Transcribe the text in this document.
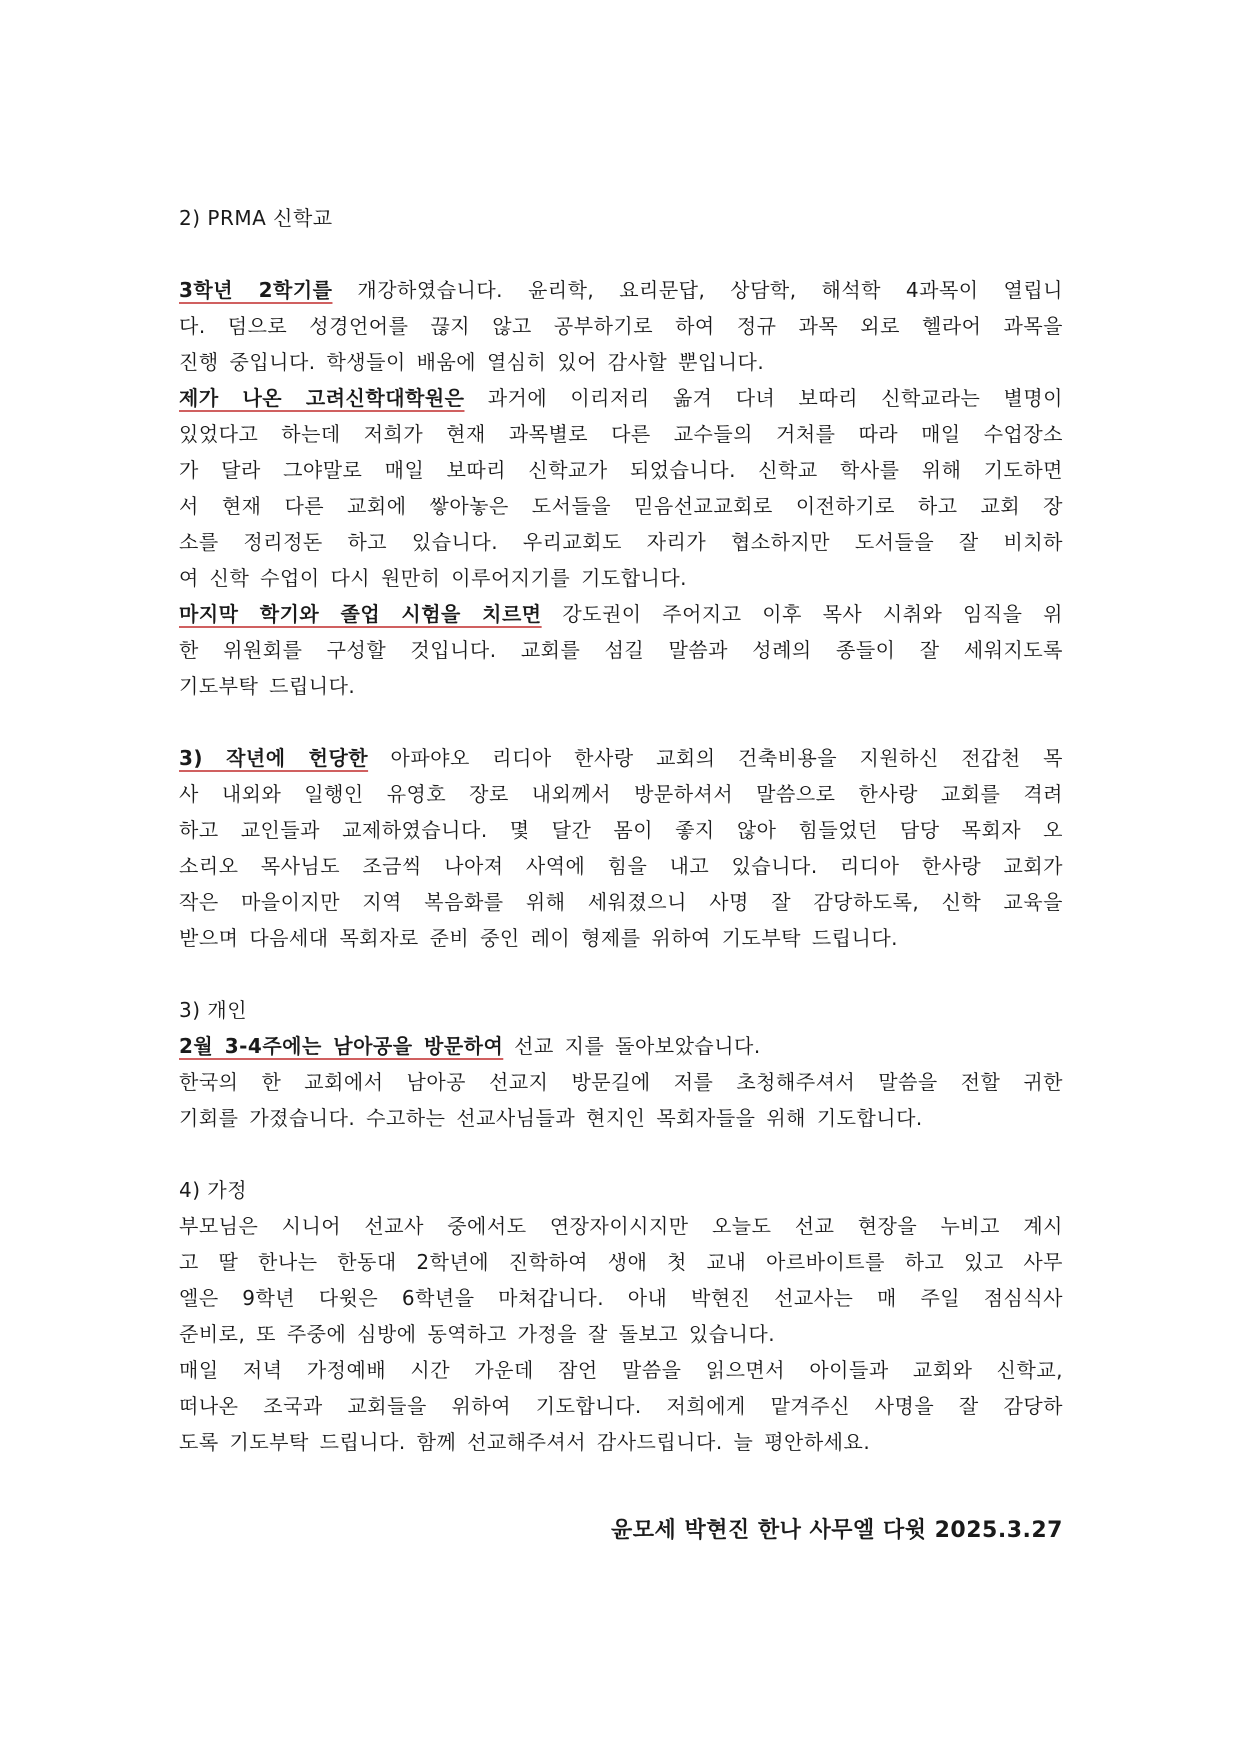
2) PRMA 신학교
3학년 2학기를 개강하였습니다. 윤리학, 요리문답, 상담학, 해석학 4과목이 열립니
다. 덤으로 성경언어를 끊지 않고 공부하기로 하여 정규 과목 외로 헬라어 과목을
진행 중입니다. 학생들이 배움에 열심히 있어 감사할 뿐입니다.
제가 나온 고려신학대학원은 과거에 이리저리 옮겨 다녀 보따리 신학교라는 별명이
있었다고 하는데 저희가 현재 과목별로 다른 교수들의 거처를 따라 매일 수업장소
가 달라 그야말로 매일 보따리 신학교가 되었습니다. 신학교 학사를 위해 기도하면
서 현재 다른 교회에 쌓아놓은 도서들을 믿음선교교회로 이전하기로 하고 교회 장
소를 정리정돈 하고 있습니다. 우리교회도 자리가 협소하지만 도서들을 잘 비치하
여 신학 수업이 다시 원만히 이루어지기를 기도합니다.
마지막 학기와 졸업 시험을 치르면 강도권이 주어지고 이후 목사 시취와 임직을 위
한 위원회를 구성할 것입니다. 교회를 섬길 말씀과 성례의 종들이 잘 세워지도록
기도부탁 드립니다.
3) 작년에 헌당한 아파야오 리디아 한사랑 교회의 건축비용을 지원하신 전갑천 목
사 내외와 일행인 유영호 장로 내외께서 방문하셔서 말씀으로 한사랑 교회를 격려
하고 교인들과 교제하였습니다. 몇 달간 몸이 좋지 않아 힘들었던 담당 목회자 오
소리오 목사님도 조금씩 나아져 사역에 힘을 내고 있습니다. 리디아 한사랑 교회가
작은 마을이지만 지역 복음화를 위해 세워졌으니 사명 잘 감당하도록, 신학 교육을
받으며 다음세대 목회자로 준비 중인 레이 형제를 위하여 기도부탁 드립니다.
3) 개인
2월 3-4주에는 남아공을 방문하여 선교 지를 돌아보았습니다.
한국의 한 교회에서 남아공 선교지 방문길에 저를 초청해주셔서 말씀을 전할 귀한
기회를 가졌습니다. 수고하는 선교사님들과 현지인 목회자들을 위해 기도합니다.
4) 가정
부모님은 시니어 선교사 중에서도 연장자이시지만 오늘도 선교 현장을 누비고 계시
고 딸 한나는 한동대 2학년에 진학하여 생애 첫 교내 아르바이트를 하고 있고 사무
엘은 9학년 다윗은 6학년을 마쳐갑니다. 아내 박현진 선교사는 매 주일 점심식사
준비로, 또 주중에 심방에 동역하고 가정을 잘 돌보고 있습니다.
매일 저녁 가정예배 시간 가운데 잠언 말씀을 읽으면서 아이들과 교회와 신학교,
떠나온 조국과 교회들을 위하여 기도합니다. 저희에게 맡겨주신 사명을 잘 감당하
도록 기도부탁 드립니다. 함께 선교해주셔서 감사드립니다. 늘 평안하세요.
윤모세 박현진 한나 사무엘 다윗 2025.3.27
